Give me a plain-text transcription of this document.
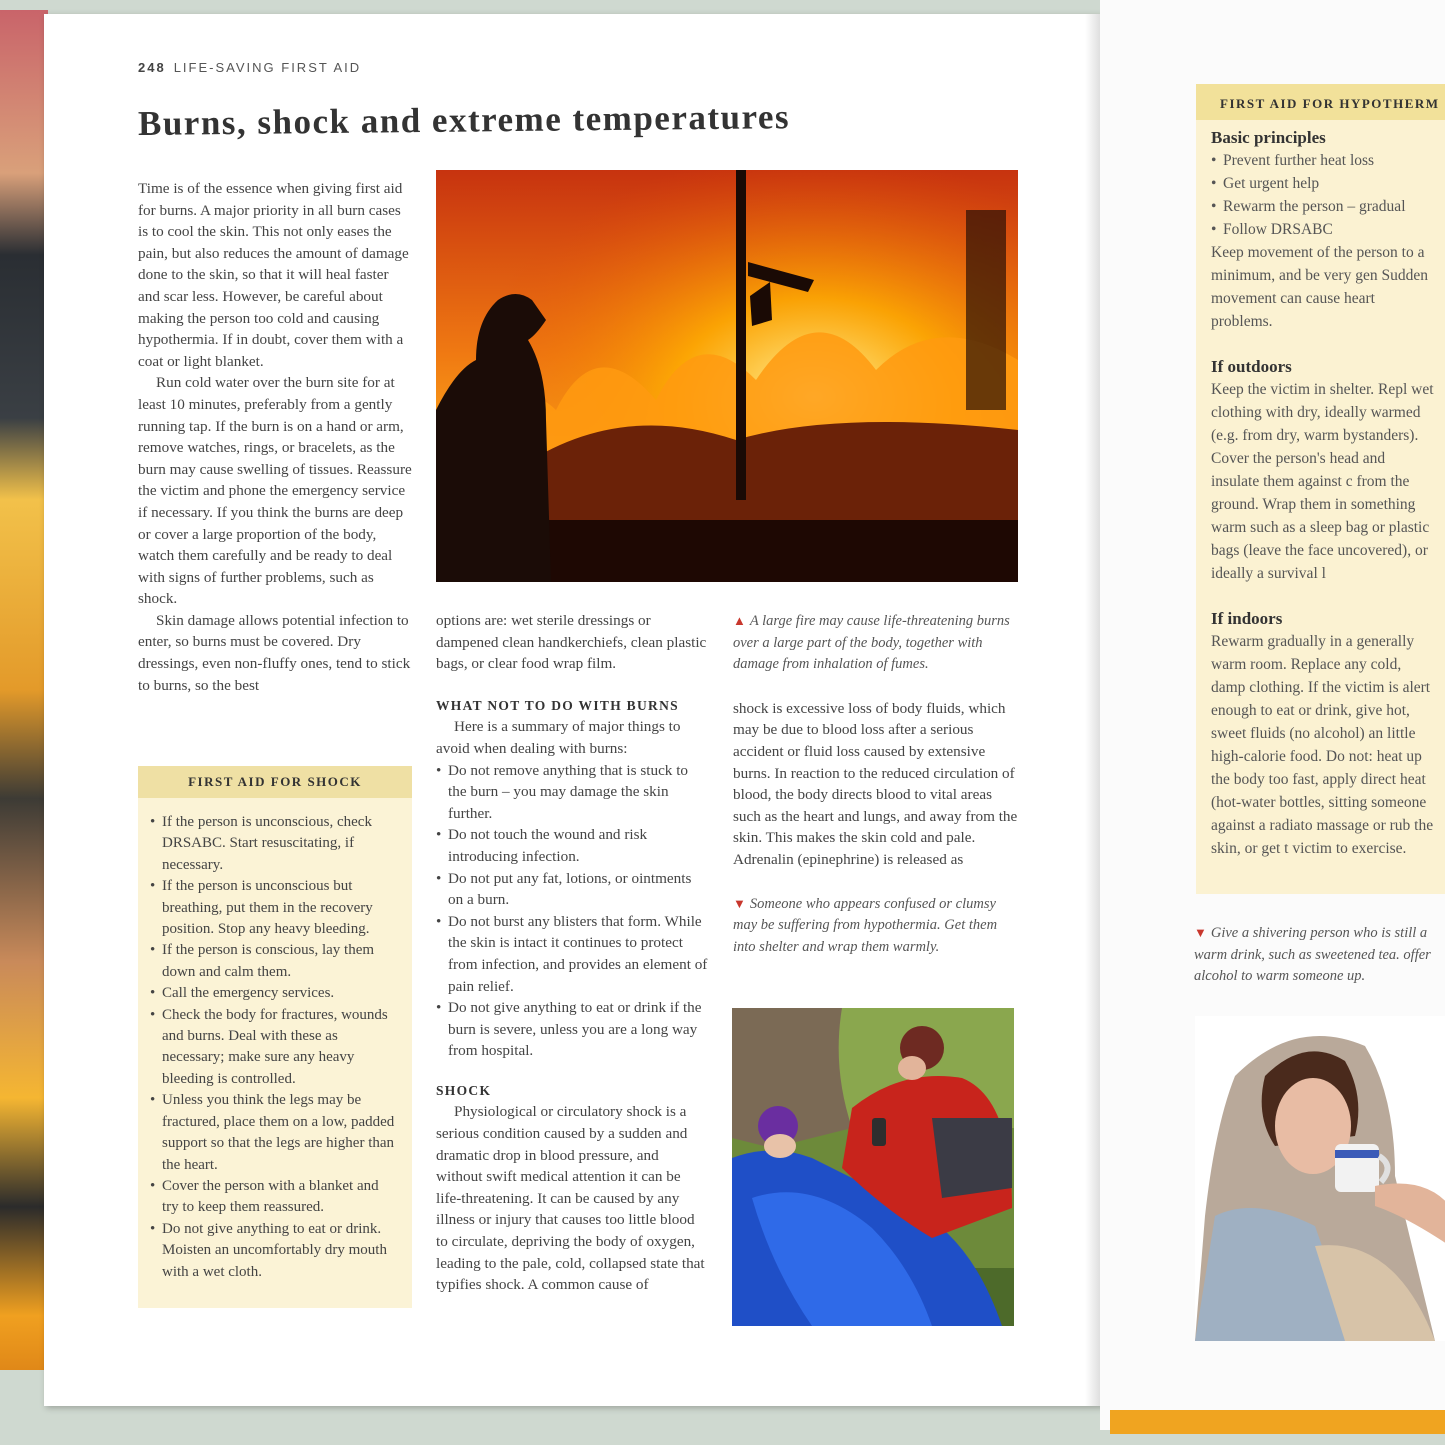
248 LIFE-SAVING FIRST AID
Burns, shock and extreme temperatures

Time is of the essence when giving first aid for burns. A major priority in all burn cases is to cool the skin. This not only eases the pain, but also reduces the amount of damage done to the skin, so that it will heal faster and scar less. However, be careful about making the person too cold and causing hypothermia. If in doubt, cover them with a coat or light blanket.

Run cold water over the burn site for at least 10 minutes, preferably from a gently running tap. If the burn is on a hand or arm, remove watches, rings, or bracelets, as the burn may cause swelling of tissues. Reassure the victim and phone the emergency service if necessary. If you think the burns are deep or cover a large proportion of the body, watch them carefully and be ready to deal with signs of further problems, such as shock.

Skin damage allows potential infection to enter, so burns must be covered. Dry dressings, even non-fluffy ones, tend to stick to burns, so the best

options are: wet sterile dressings or dampened clean handkerchiefs, clean plastic bags, or clear food wrap film.

WHAT NOT TO DO WITH BURNS

Here is a summary of major things to avoid when dealing with burns:

• Do not remove anything that is stuck to the burn – you may damage the skin further.
• Do not touch the wound and risk introducing infection.
• Do not put any fat, lotions, or ointments on a burn.
• Do not burst any blisters that form. While the skin is intact it continues to protect from infection, and provides an element of pain relief.
• Do not give anything to eat or drink if the burn is severe, unless you are a long way from hospital.

SHOCK

Physiological or circulatory shock is a serious condition caused by a sudden and dramatic drop in blood pressure, and without swift medical attention it can be life-threatening. It can be caused by any illness or injury that causes too little blood to circulate, depriving the body of oxygen, leading to the pale, cold, collapsed state that typifies shock. A common cause of

▲ A large fire may cause life-threatening burns over a large part of the body, together with damage from inhalation of fumes.

shock is excessive loss of body fluids, which may be due to blood loss after a serious accident or fluid loss caused by extensive burns. In reaction to the reduced circulation of blood, the body directs blood to vital areas such as the heart and lungs, and away from the skin. This makes the skin cold and pale. Adrenalin (epinephrine) is released as

▼ Someone who appears confused or clumsy may be suffering from hypothermia. Get them into shelter and wrap them warmly.

FIRST AID FOR SHOCK
• If the person is unconscious, check DRSABC. Start resuscitating, if necessary.
• If the person is unconscious but breathing, put them in the recovery position. Stop any heavy bleeding.
• If the person is conscious, lay them down and calm them.
• Call the emergency services.
• Check the body for fractures, wounds and burns. Deal with these as necessary; make sure any heavy bleeding is controlled.
• Unless you think the legs may be fractured, place them on a low, padded support so that the legs are higher than the heart.
• Cover the person with a blanket and try to keep them reassured.
• Do not give anything to eat or drink. Moisten an uncomfortably dry mouth with a wet cloth.
FIRST AID FOR HYPOTHERM
Basic principles
• Prevent further heat loss
• Get urgent help
• Rewarm the person – gradual
• Follow DRSABC

Keep movement of the person to a minimum, and be very gen Sudden movement can cause heart problems.

If outdoors

Keep the victim in shelter. Repl wet clothing with dry, ideally warmed (e.g. from dry, warm bystanders). Cover the person's head and insulate them against c from the ground. Wrap them in something warm such as a sleep bag or plastic bags (leave the face uncovered), or ideally a survival l

If indoors

Rewarm gradually in a generally warm room. Replace any cold, damp clothing. If the victim is alert enough to eat or drink, give hot, sweet fluids (no alcohol) an little high-calorie food. Do not: heat up the body too fast, apply direct heat (hot-water bottles, sitting someone against a radiato massage or rub the skin, or get t victim to exercise.

▼ Give a shivering person who is still a warm drink, such as sweetened tea. offer alcohol to warm someone up.
